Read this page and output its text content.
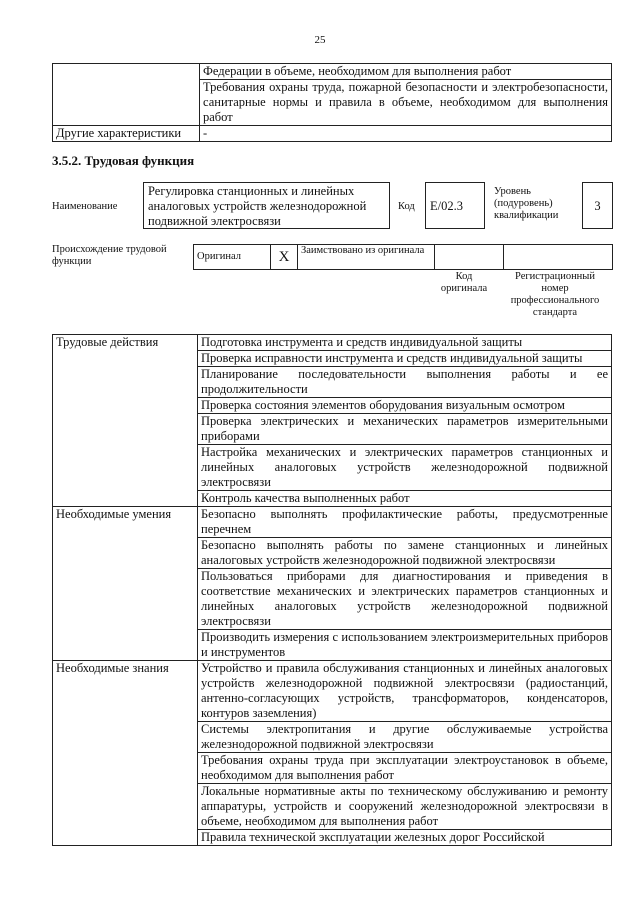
25
	Федерации в объеме, необходимом для выполнения работ
	Требования охраны труда, пожарной безопасности и электробезопасности, санитарные нормы и правила в объеме, необходимом для выполнения работ
Другие характеристики	-
3.5.2. Трудовая функция
Наименование
Регулировка станционных и линейных аналоговых устройств железнодорожной подвижной электросвязи
Код	E/02.3
Уровень (подуровень) квалификации
3
Происхождение трудовой функции	Оригинал	X	Заимствовано из оригинала		
Код оригинала
Регистрационный номер профессионального стандарта
Трудовые действия	Подготовка инструмента и средств индивидуальной защиты
	Проверка исправности инструмента и средств индивидуальной защиты
	Планирование последовательности выполнения работы и ее продолжительности
	Проверка состояния элементов оборудования визуальным осмотром
	Проверка электрических и механических параметров измерительными приборами
	Настройка механических и электрических параметров станционных и линейных аналоговых устройств железнодорожной подвижной электросвязи
	Контроль качества выполненных работ
Необходимые умения	Безопасно выполнять профилактические работы, предусмотренные перечнем
	Безопасно выполнять работы по замене станционных и линейных аналоговых устройств железнодорожной подвижной электросвязи
	Пользоваться приборами для диагностирования и приведения в соответствие механических и электрических параметров станционных и линейных аналоговых устройств железнодорожной подвижной электросвязи
	Производить измерения с использованием электроизмерительных приборов и инструментов
Необходимые знания	Устройство и правила обслуживания станционных и линейных аналоговых устройств железнодорожной подвижной электросвязи (радиостанций, антенно-согласующих устройств, трансформаторов, конденсаторов, контуров заземления)
	Системы электропитания и другие обслуживаемые устройства железнодорожной подвижной электросвязи
	Требования охраны труда при эксплуатации электроустановок в объеме, необходимом для выполнения работ
	Локальные нормативные акты по техническому обслуживанию и ремонту аппаратуры, устройств и сооружений железнодорожной электросвязи в объеме, необходимом для выполнения работ
	Правила технической эксплуатации железных дорог Российской
